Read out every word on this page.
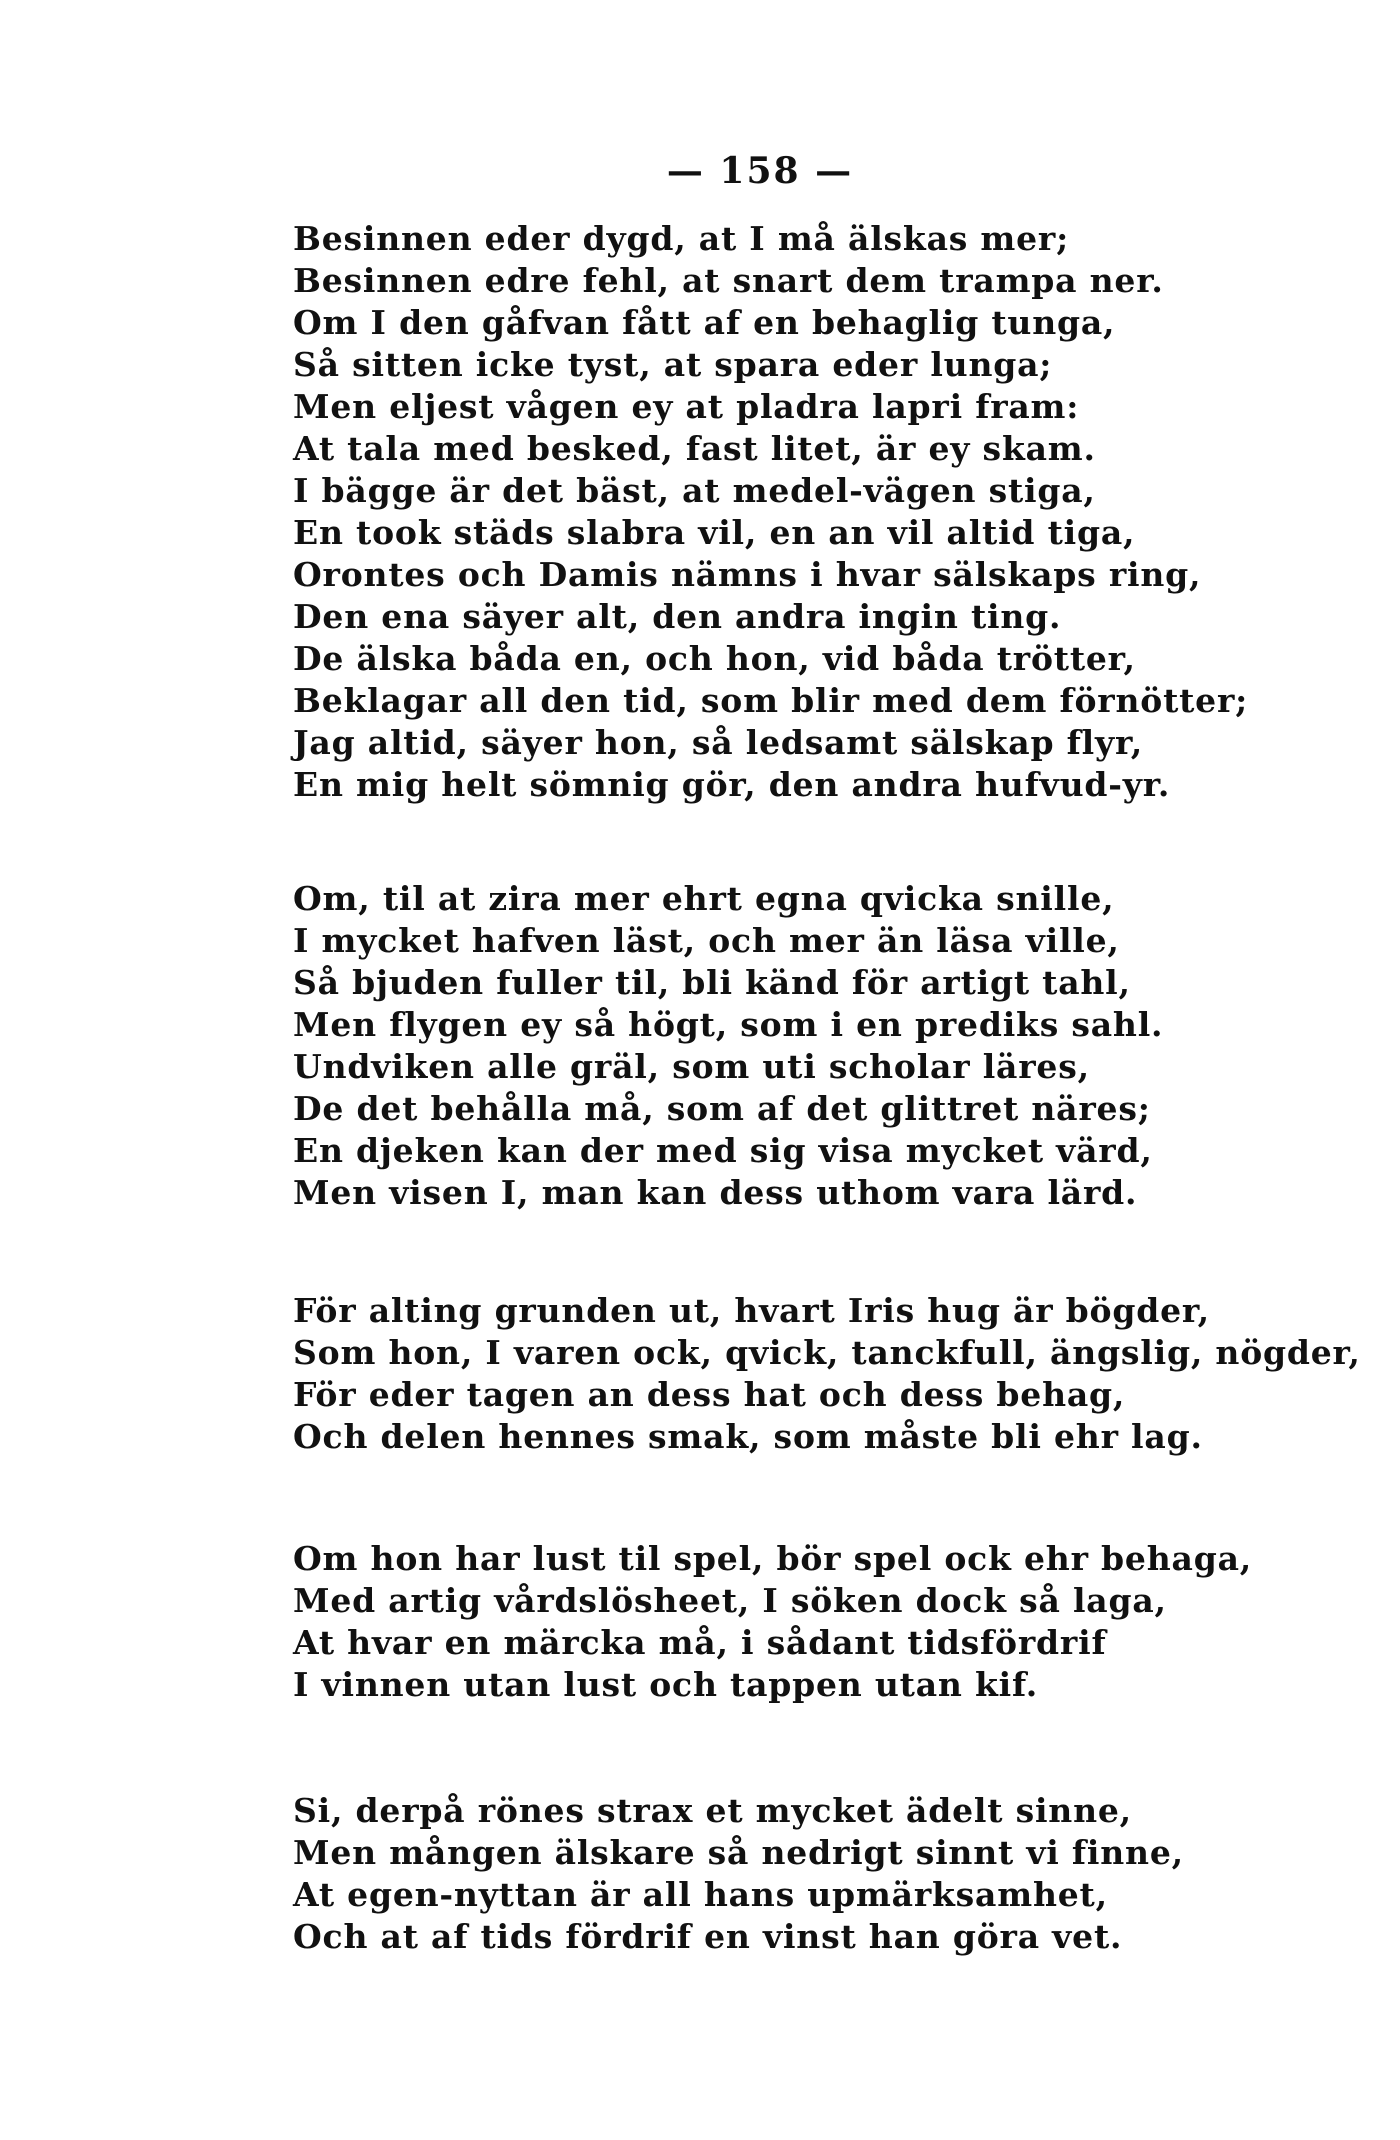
— 158 —
Besinnen eder dygd, at I må älskas mer;
Besinnen edre fehl, at snart dem trampa ner.
Om I den gåfvan fått af en behaglig tunga,
Så sitten icke tyst, at spara eder lunga;
Men eljest vågen ey at pladra lapri fram:
At tala med besked, fast litet, är ey skam.
I bägge är det bäst, at medel-vägen stiga,
En took städs slabra vil, en an vil altid tiga,
Orontes och Damis nämns i hvar sälskaps ring,
Den ena säyer alt, den andra ingin ting.
De älska båda en, och hon, vid båda trötter,
Beklagar all den tid, som blir med dem förnötter;
Jag altid, säyer hon, så ledsamt sälskap flyr,
En mig helt sömnig gör, den andra hufvud-yr.
Om, til at zira mer ehrt egna qvicka snille,
I mycket hafven läst, och mer än läsa ville,
Så bjuden fuller til, bli känd för artigt tahl,
Men flygen ey så högt, som i en prediks sahl.
Undviken alle gräl, som uti scholar läres,
De det behålla må, som af det glittret näres;
En djeken kan der med sig visa mycket värd,
Men visen I, man kan dess uthom vara lärd.
För alting grunden ut, hvart Iris hug är bögder,
Som hon, I varen ock, qvick, tanckfull, ängslig, nögder,
För eder tagen an dess hat och dess behag,
Och delen hennes smak, som måste bli ehr lag.
Om hon har lust til spel, bör spel ock ehr behaga,
Med artig vårdslösheet, I söken dock så laga,
At hvar en märcka må, i sådant tidsfördrif
I vinnen utan lust och tappen utan kif.
Si, derpå rönes strax et mycket ädelt sinne,
Men mången älskare så nedrigt sinnt vi finne,
At egen-nyttan är all hans upmärksamhet,
Och at af tids fördrif en vinst han göra vet.
